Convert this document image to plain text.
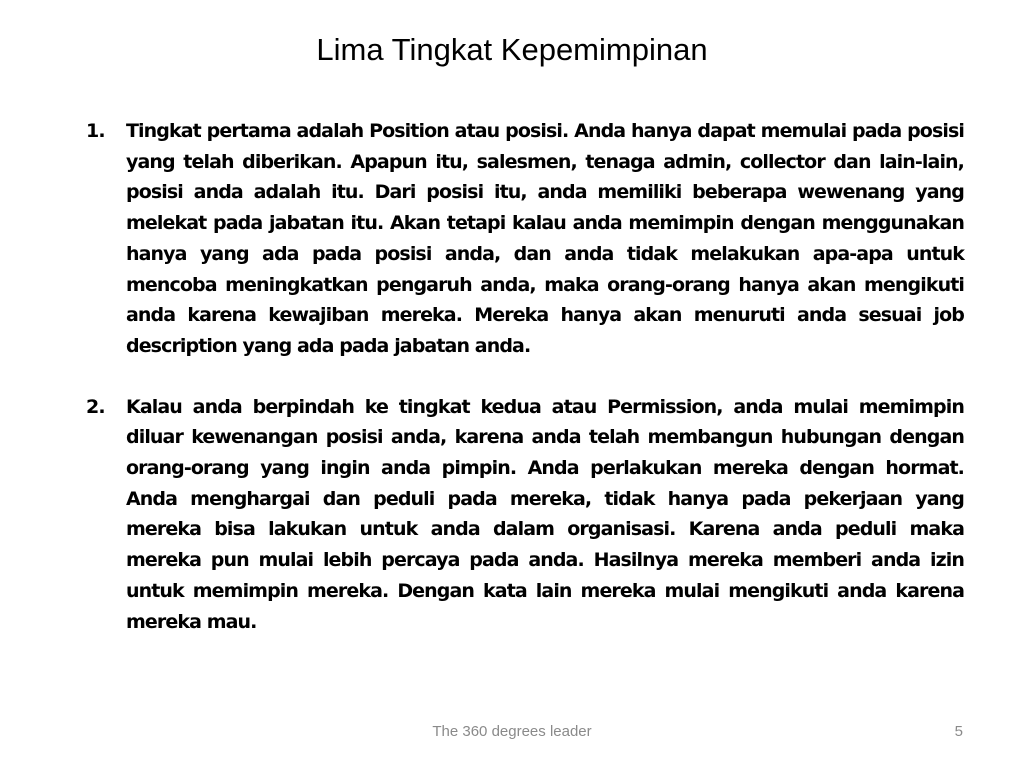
Lima Tingkat Kepemimpinan
1.	Tingkat pertama adalah Position atau posisi. Anda hanya dapat memulai pada posisi yang telah diberikan. Apapun itu, salesmen, tenaga admin, collector dan lain-lain, posisi anda adalah itu. Dari posisi itu, anda memiliki beberapa wewenang yang melekat pada jabatan itu. Akan tetapi kalau anda memimpin dengan menggunakan hanya yang ada pada posisi anda, dan anda tidak melakukan apa-apa untuk mencoba meningkatkan pengaruh anda, maka orang-orang hanya akan mengikuti anda karena kewajiban mereka. Mereka hanya akan menuruti anda sesuai job description yang ada pada jabatan anda.
2.	Kalau anda berpindah ke tingkat kedua atau Permission, anda mulai memimpin diluar kewenangan posisi anda, karena anda telah membangun hubungan dengan orang-orang yang ingin anda pimpin. Anda perlakukan mereka dengan hormat. Anda menghargai dan peduli pada mereka, tidak hanya pada pekerjaan yang mereka bisa lakukan untuk anda dalam organisasi. Karena anda peduli maka mereka pun mulai lebih percaya pada anda. Hasilnya mereka memberi anda izin untuk memimpin mereka. Dengan kata lain mereka mulai mengikuti anda karena mereka mau.
The 360 degrees leader	5
